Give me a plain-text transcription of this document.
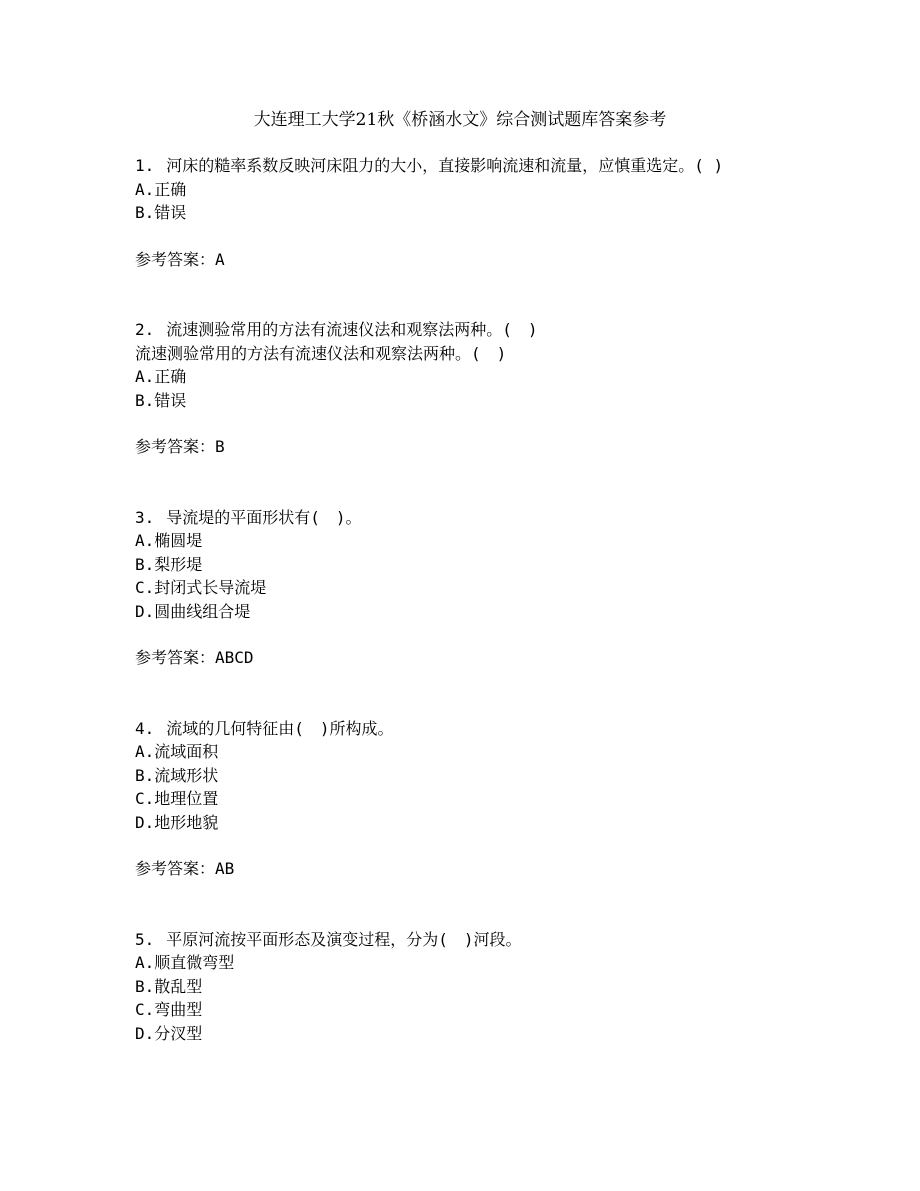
大连理工大学21秋《桥涵水文》综合测试题库答案参考
1. 河床的糙率系数反映河床阻力的大小，直接影响流速和流量，应慎重选定。( )
A.正确
B.错误
参考答案：A
2. 流速测验常用的方法有流速仪法和观察法两种。(　)
流速测验常用的方法有流速仪法和观察法两种。(　)
A.正确
B.错误
参考答案：B
3. 导流堤的平面形状有(　)。
A.椭圆堤
B.梨形堤
C.封闭式长导流堤
D.圆曲线组合堤
参考答案：ABCD
4. 流域的几何特征由(　)所构成。
A.流域面积
B.流域形状
C.地理位置
D.地形地貌
参考答案：AB
5. 平原河流按平面形态及演变过程，分为(　)河段。
A.顺直微弯型
B.散乱型
C.弯曲型
D.分汊型
